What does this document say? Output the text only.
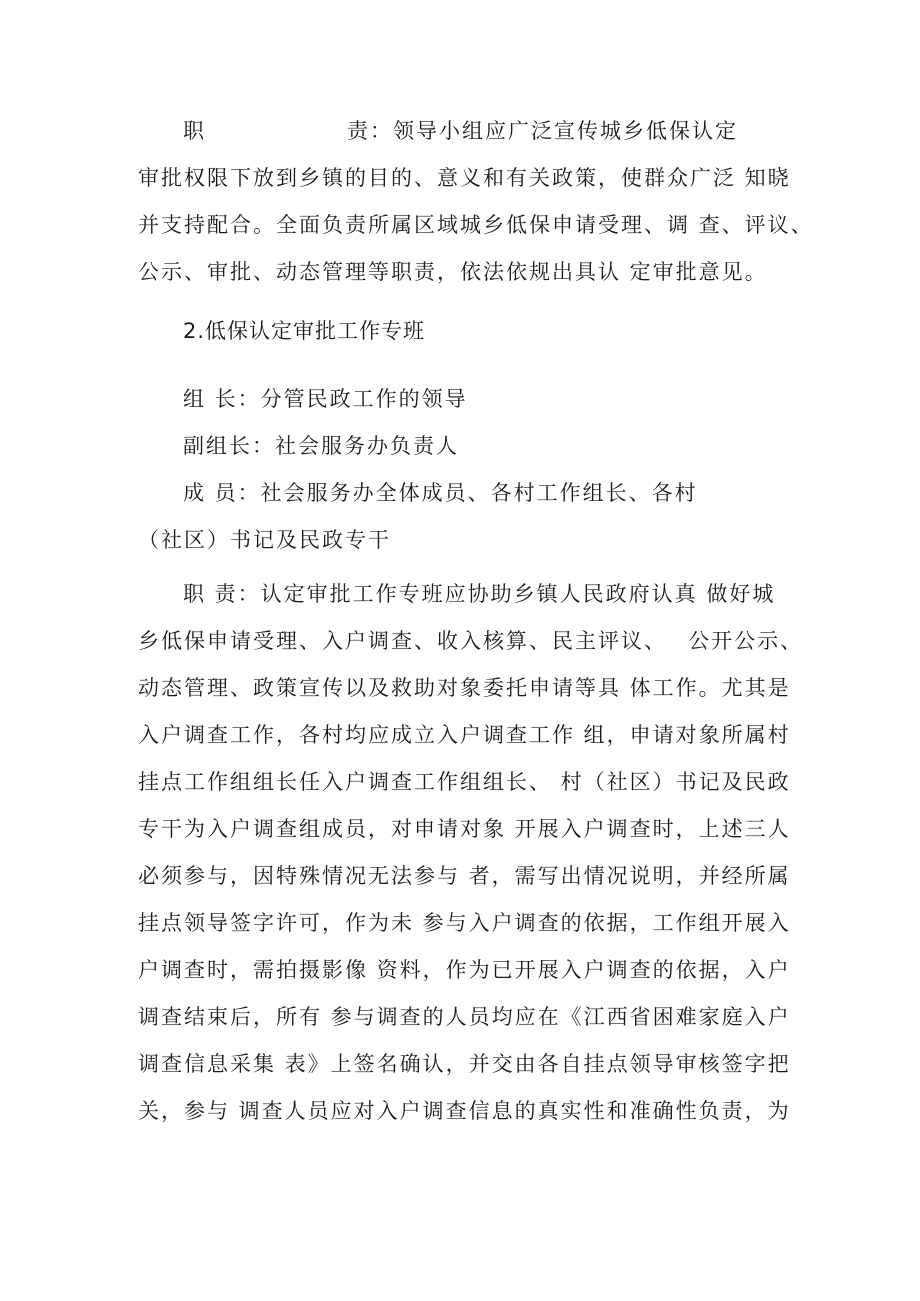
职	责：领导小组应广泛宣传城乡低保认定
审批权限下放到乡镇的目的、意义和有关政策，使群众广泛 知晓
并支持配合。全面负责所属区域城乡低保申请受理、调 查、评议、
公示、审批、动态管理等职责，依法依规出具认 定审批意见。
2.低保认定审批工作专班
组 长：分管民政工作的领导
副组长：社会服务办负责人
成 员：社会服务办全体成员、各村工作组长、各村
（社区）书记及民政专干
职 责：认定审批工作专班应协助乡镇人民政府认真 做好城
乡低保申请受理、入户调查、收入核算、民主评议、　 公开公示、
动态管理、政策宣传以及救助对象委托申请等具 体工作。尤其是
入户调查工作，各村均应成立入户调查工作 组，申请对象所属村
挂点工作组组长任入户调查工作组组长、 村（社区）书记及民政
专干为入户调查组成员，对申请对象 开展入户调查时，上述三人
必须参与，因特殊情况无法参与 者，需写出情况说明，并经所属
挂点领导签字许可，作为未 参与入户调查的依据，工作组开展入
户调查时，需拍摄影像 资料，作为已开展入户调查的依据，入户
调查结束后，所有 参与调查的人员均应在《江西省困难家庭入户
调查信息采集 表》上签名确认，并交由各自挂点领导审核签字把
关，参与 调查人员应对入户调查信息的真实性和准确性负责，为
